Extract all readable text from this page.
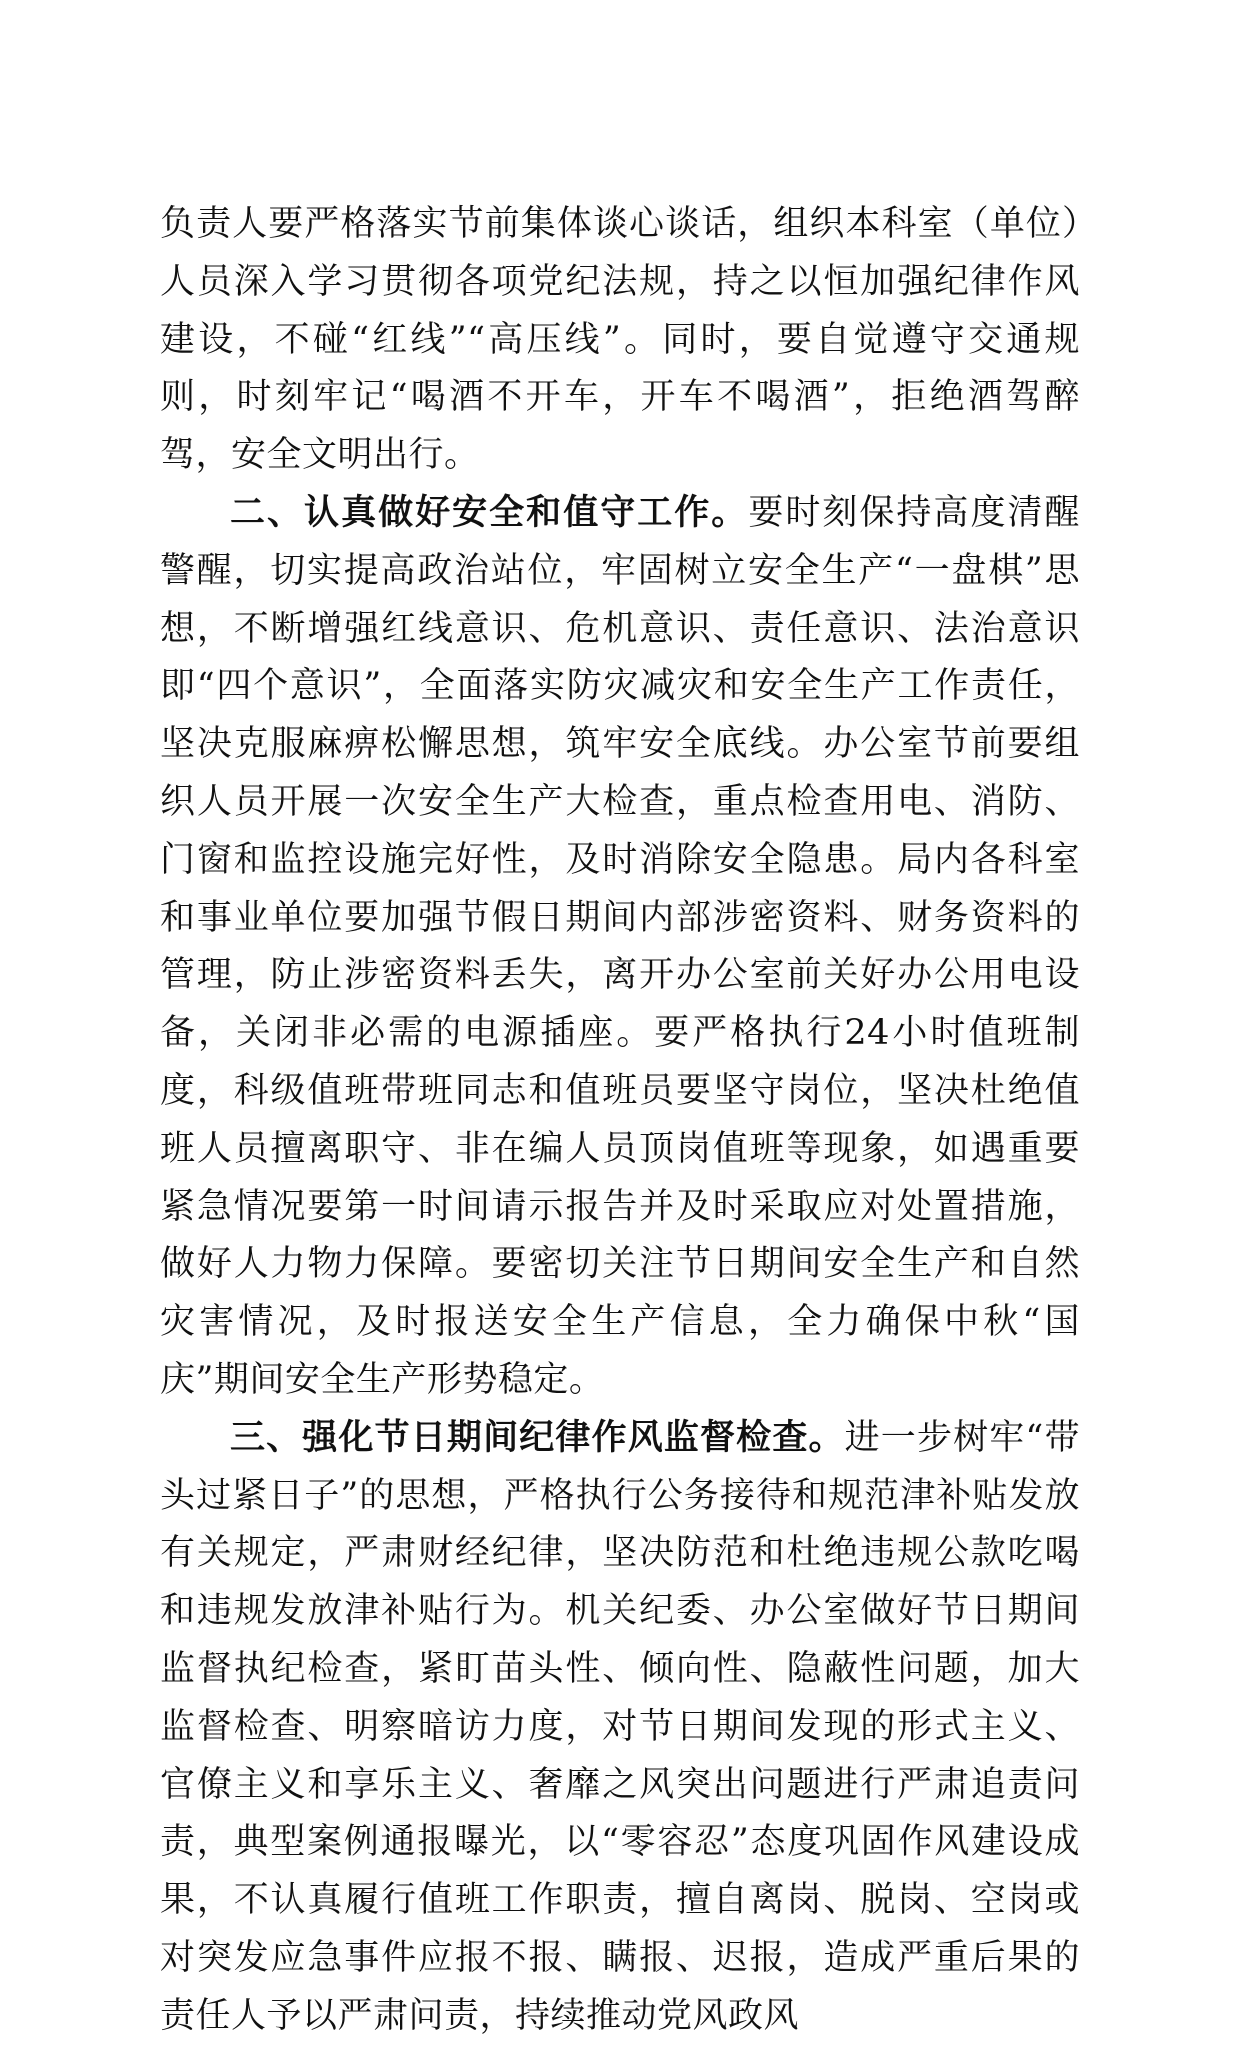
负责人要严格落实节前集体谈心谈话，组织本科室（单位）人员深入学习贯彻各项党纪法规，持之以恒加强纪律作风建设，不碰“红线”“高压线”。同时，要自觉遵守交通规则，时刻牢记“喝酒不开车，开车不喝酒”，拒绝酒驾醉驾，安全文明出行。

二、认真做好安全和值守工作。要时刻保持高度清醒警醒，切实提高政治站位，牢固树立安全生产“一盘棋”思想，不断增强红线意识、危机意识、责任意识、法治意识即“四个意识”，全面落实防灾减灾和安全生产工作责任，坚决克服麻痹松懈思想，筑牢安全底线。办公室节前要组织人员开展一次安全生产大检查，重点检查用电、消防、门窗和监控设施完好性，及时消除安全隐患。局内各科室和事业单位要加强节假日期间内部涉密资料、财务资料的管理，防止涉密资料丢失，离开办公室前关好办公用电设备，关闭非必需的电源插座。要严格执行24小时值班制度，科级值班带班同志和值班员要坚守岗位，坚决杜绝值班人员擅离职守、非在编人员顶岗值班等现象，如遇重要紧急情况要第一时间请示报告并及时采取应对处置措施，做好人力物力保障。要密切关注节日期间安全生产和自然灾害情况，及时报送安全生产信息，全力确保中秋“国庆”期间安全生产形势稳定。

三、强化节日期间纪律作风监督检查。进一步树牢“带头过紧日子”的思想，严格执行公务接待和规范津补贴发放有关规定，严肃财经纪律，坚决防范和杜绝违规公款吃喝和违规发放津补贴行为。机关纪委、办公室做好节日期间监督执纪检查，紧盯苗头性、倾向性、隐蔽性问题，加大监督检查、明察暗访力度，对节日期间发现的形式主义、官僚主义和享乐主义、奢靡之风突出问题进行严肃追责问责，典型案例通报曝光，以“零容忍”态度巩固作风建设成果，不认真履行值班工作职责，擅自离岗、脱岗、空岗或对突发应急事件应报不报、瞒报、迟报，造成严重后果的责任人予以严肃问责，持续推动党风政风
